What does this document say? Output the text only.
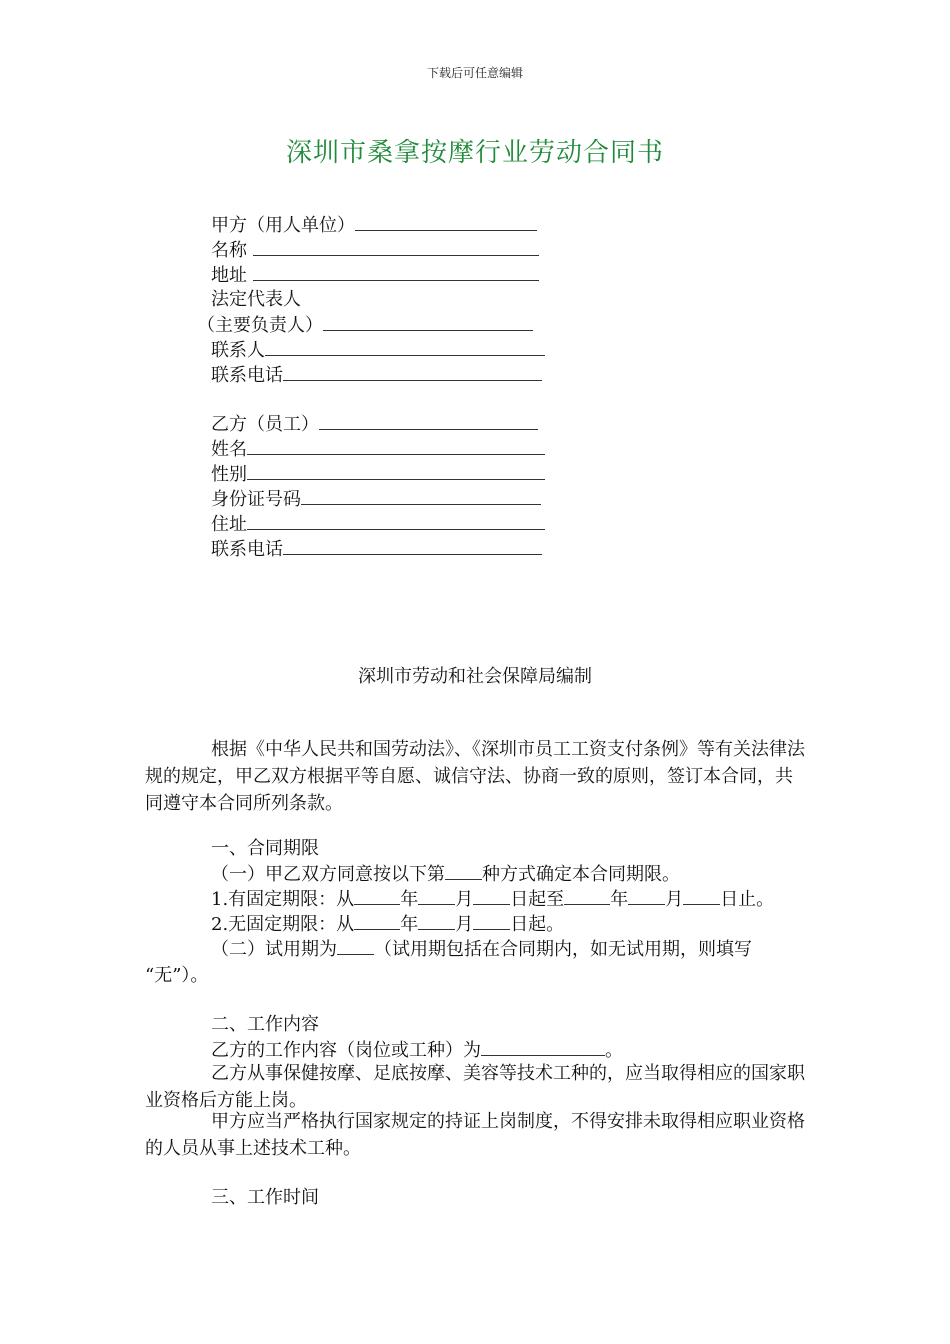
下载后可任意编辑
深圳市桑拿按摩行业劳动合同书
甲方（用人单位）
名称
地址
法定代表人
（主要负责人）
联系人
联系电话
乙方（员工）
姓名
性别
身份证号码
住址
联系电话
深圳市劳动和社会保障局编制

根据《中华人民共和国劳动法》、《深圳市员工工资支付条例》等有关法律法规的规定，甲乙双方根据平等自愿、诚信守法、协商一致的原则，签订本合同，共同遵守本合同所列条款。

一、合同期限
（一）甲乙双方同意按以下第 种方式确定本合同期限。
1.有固定期限：从	年 月 日起至	年 月 日止。
2.无固定期限：从	年 月 日起。
（二）试用期为 （试用期包括在合同期内，如无试用期，则填写
“无”）。
二、工作内容
乙方的工作内容（岗位或工种）为	。

乙方从事保健按摩、足底按摩、美容等技术工种的，应当取得相应的国家职业资格后方能上岗。

甲方应当严格执行国家规定的持证上岗制度，不得安排未取得相应职业资格的人员从事上述技术工种。

三、工作时间
